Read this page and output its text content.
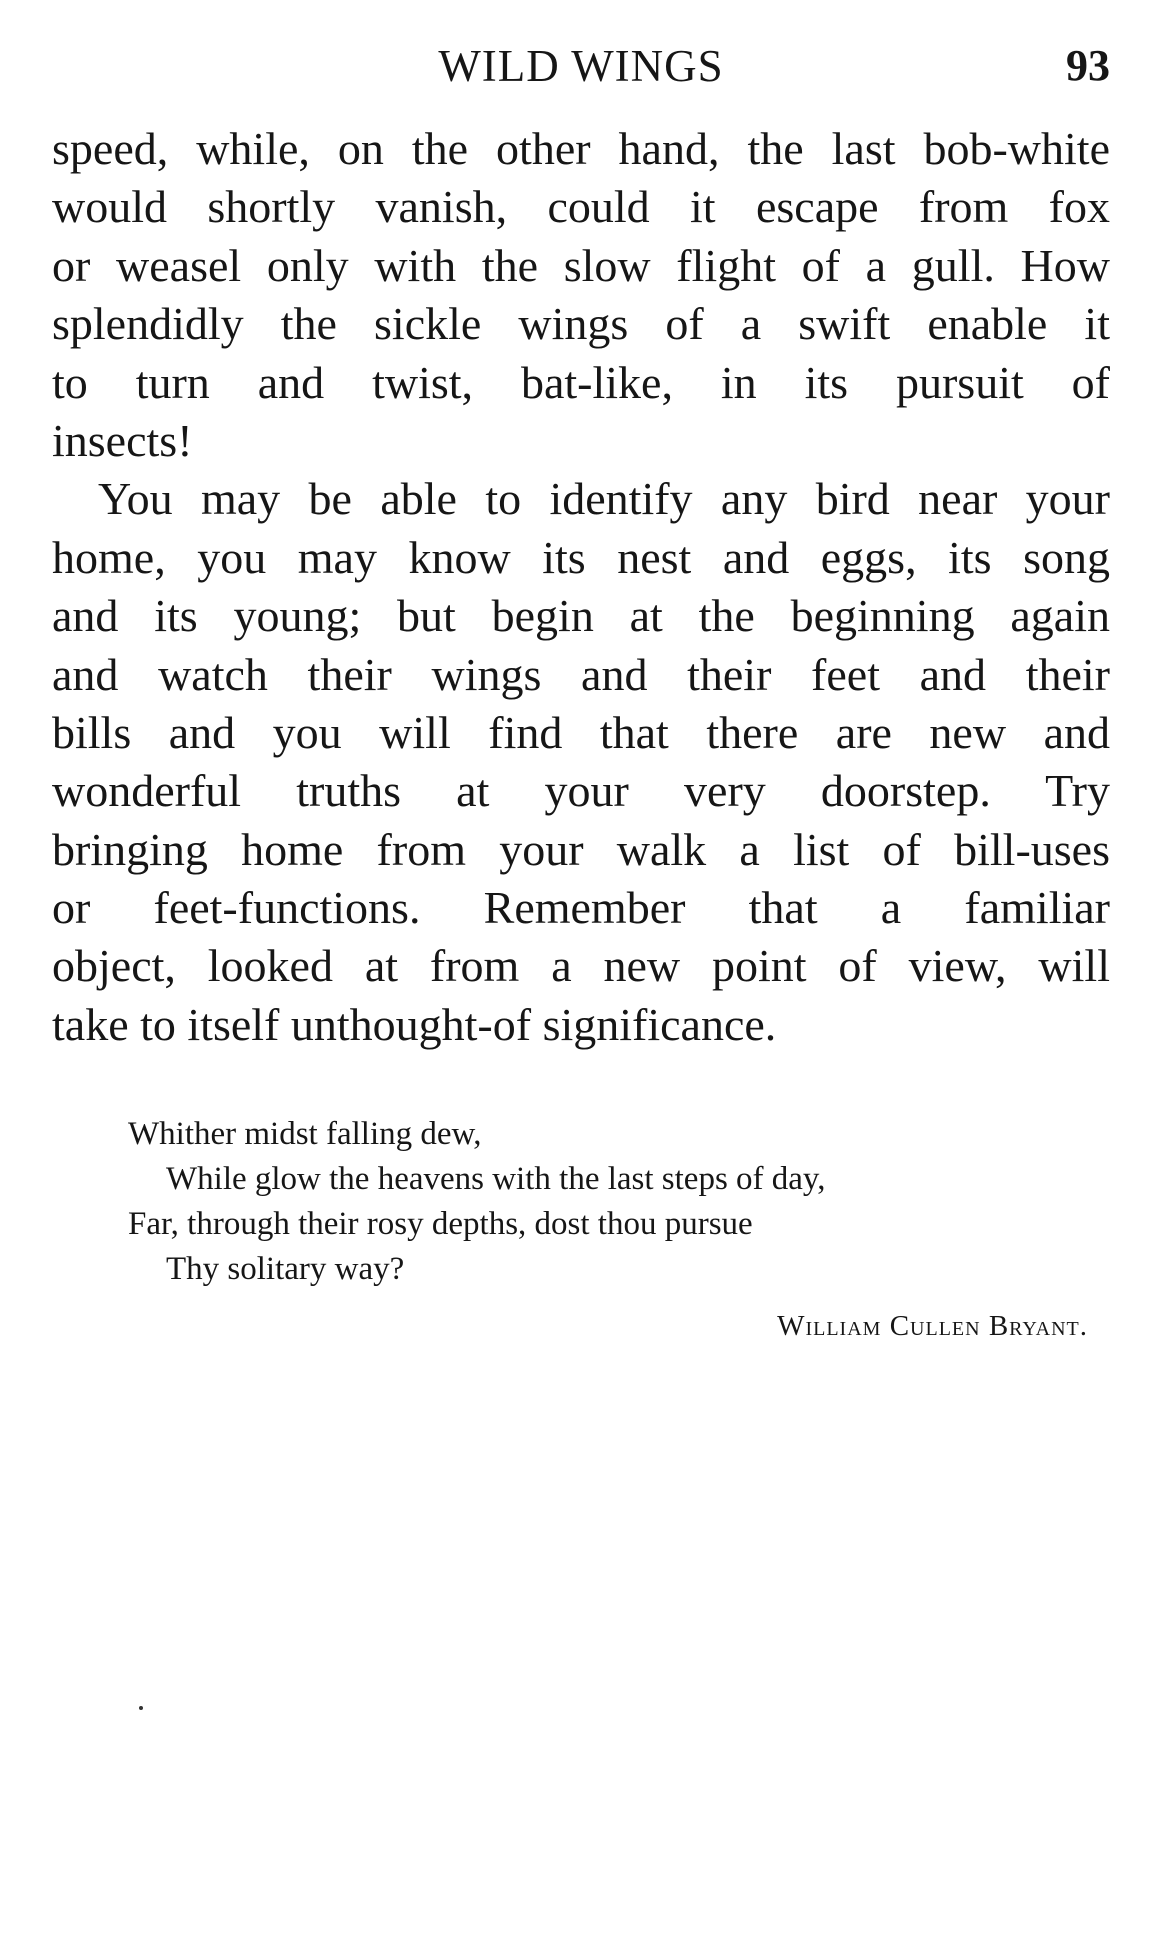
WILD WINGS	93
speed, while, on the other hand, the last bob-white
would shortly vanish, could it escape from fox
or weasel only with the slow flight of a gull. How
splendidly the sickle wings of a swift enable it
to turn and twist, bat-like, in its pursuit of
insects!
You may be able to identify any bird near your
home, you may know its nest and eggs, its song
and its young; but begin at the beginning again
and watch their wings and their feet and their
bills and you will find that there are new and
wonderful truths at your very doorstep. Try
bringing home from your walk a list of bill-uses
or feet-functions. Remember that a familiar
object, looked at from a new point of view, will
take to itself unthought-of significance.
Whither midst falling dew,
While glow the heavens with the last steps of day,
Far, through their rosy depths, dost thou pursue
Thy solitary way?
William Cullen Bryant.
